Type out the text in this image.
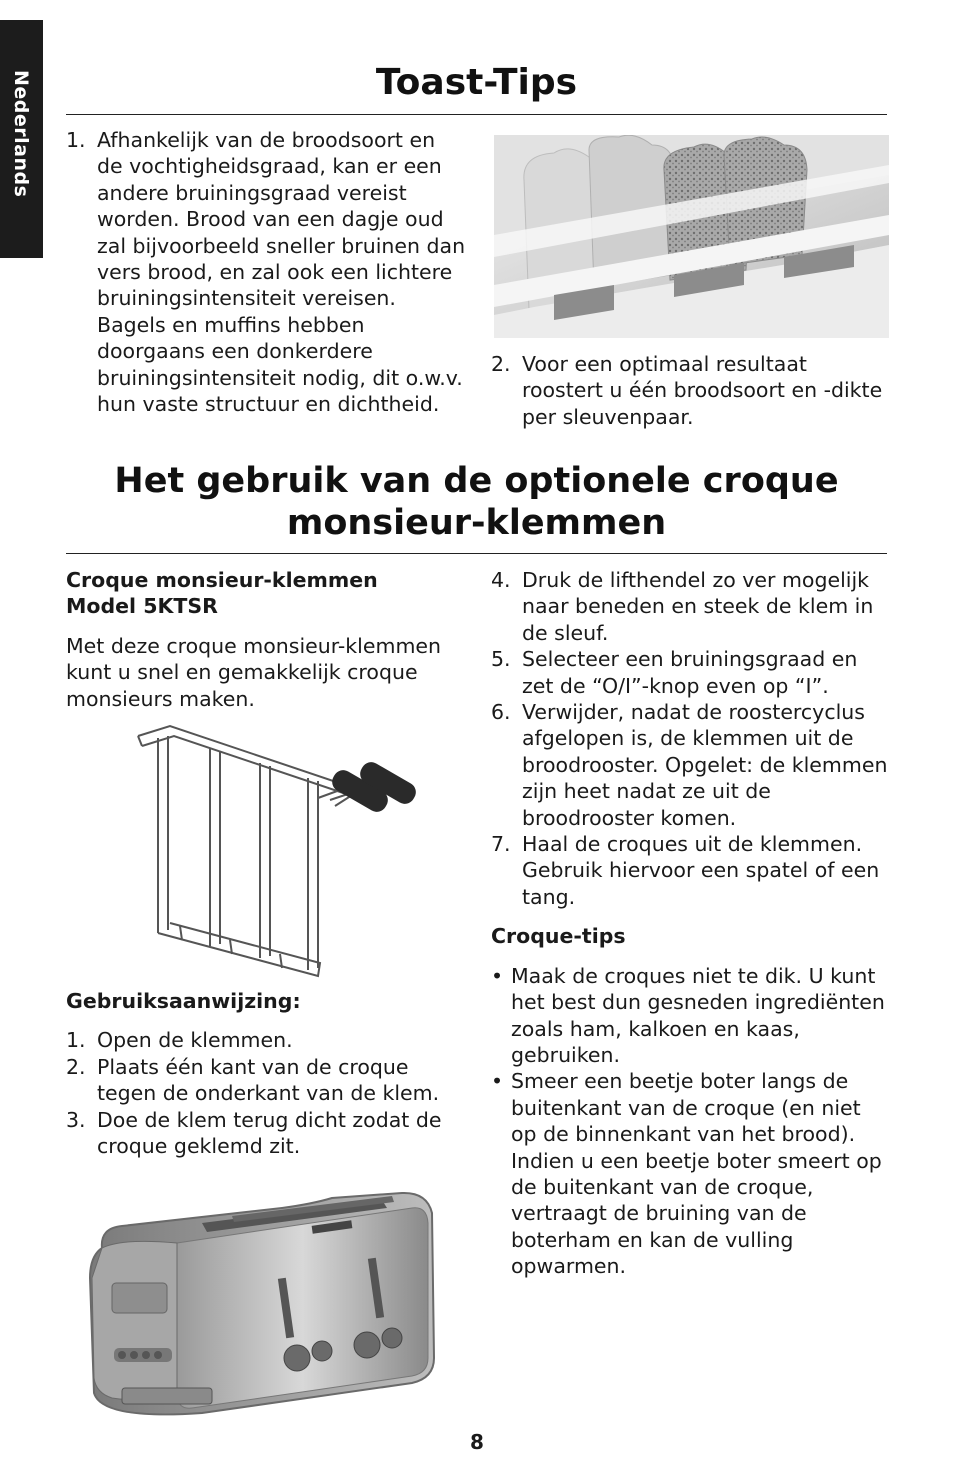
Nederlands	Toast-Tips
1. Afhankelijk van de broodsoort en de vochtigheidsgraad, kan er een andere bruiningsgraad vereist worden. Brood van een dagje oud zal bijvoorbeeld sneller bruinen dan vers brood, en zal ook een lichtere bruiningsintensiteit vereisen. Bagels en muffins hebben doorgaans een donkerdere bruiningsintensiteit nodig, dit o.w.v. hun vaste structuur en dichtheid.
2. Voor een optimaal resultaat roostert u één broodsoort en -dikte per sleuvenpaar.
Het gebruik van de optionele croque monsieur-klemmen
Croque monsieur-klemmen
Model 5KTSR

Met deze croque monsieur-klemmen kunt u snel en gemakkelijk croque monsieurs maken.

Gebruiksaanwijzing:
1. Open de klemmen.
2. Plaats één kant van de croque tegen de onderkant van de klem.
3. Doe de klem terug dicht zodat de croque geklemd zit.
4. Druk de lifthendel zo ver mogelijk naar beneden en steek de klem in de sleuf.
5. Selecteer een bruiningsgraad en zet de “O/I”-knop even op “I”.
6. Verwijder, nadat de roostercyclus afgelopen is, de klemmen uit de broodrooster. Opgelet: de klemmen zijn heet nadat ze uit de broodrooster komen.
7. Haal de croques uit de klemmen. Gebruik hiervoor een spatel of een tang.
Croque-tips
• Maak de croques niet te dik. U kunt het best dun gesneden ingrediënten zoals ham, kalkoen en kaas, gebruiken.
• Smeer een beetje boter langs de buitenkant van de croque (en niet op de binnenkant van het brood). Indien u een beetje boter smeert op de buitenkant van de croque, vertraagt de bruining van de boterham en kan de vulling opwarmen.
8
